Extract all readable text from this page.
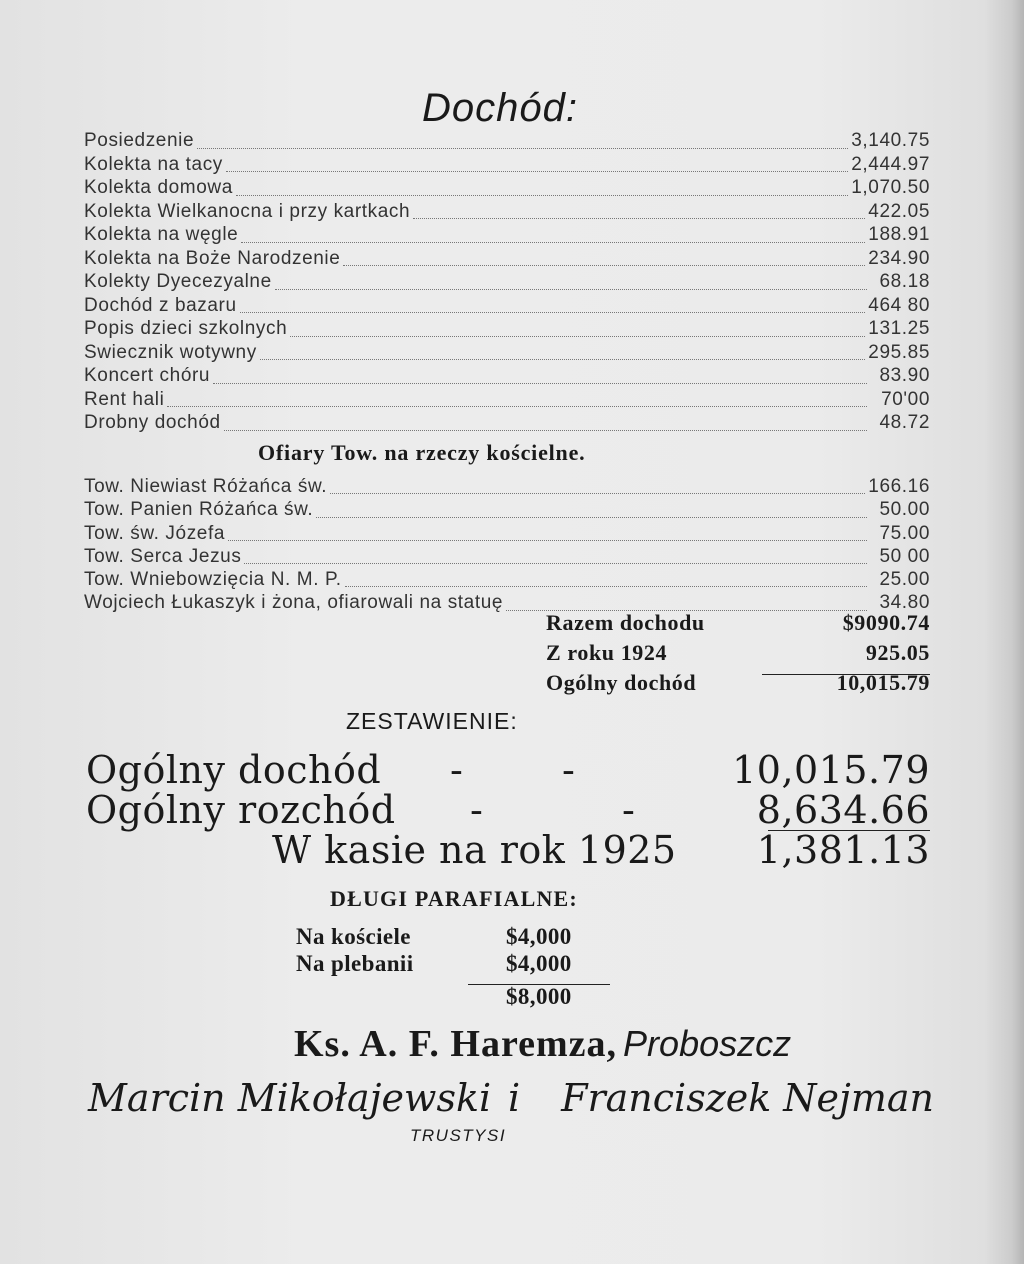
Dochód:
Posiedzenie	3,140.75
Kolekta na tacy	2,444.97
Kolekta domowa	1,070.50
Kolekta Wielkanocna i przy kartkach	422.05
Kolekta na węgle	188.91
Kolekta na Boże Narodzenie	234.90
Kolekty Dyecezyalne	68.18
Dochód z bazaru	464 80
Popis dzieci szkolnych	131.25
Swiecznik wotywny	295.85
Koncert chóru	83.90
Rent hali	70'00
Drobny dochód	48.72
Ofiary Tow. na rzeczy kościelne.
Tow. Niewiast Różańca św.	166.16
Tow. Panien Różańca św.	50.00
Tow. św. Józefa	75.00
Tow. Serca Jezus	50 00
Tow. Wniebowzięcia N. M. P.	25.00
Wojciech Łukaszyk i żona, ofiarowali na statuę	34.80
Razem dochodu	$9090.74
Z roku 1924	925.05
Ogólny dochód	10,015.79
ZESTAWIENIE:
Ogólny dochód -	-	10,015.79
Ogólny rozchód -	-	8,634.66
W kasie na rok 1925 1,381.13
DŁUGI PARAFIALNE:
Na kościele	$4,000
Na plebanii	$4,000
$8,000
Ks. A. F. Haremza, Proboszcz
Marcin Mikołajewski i Franciszek Nejman
TRUSTYSI
